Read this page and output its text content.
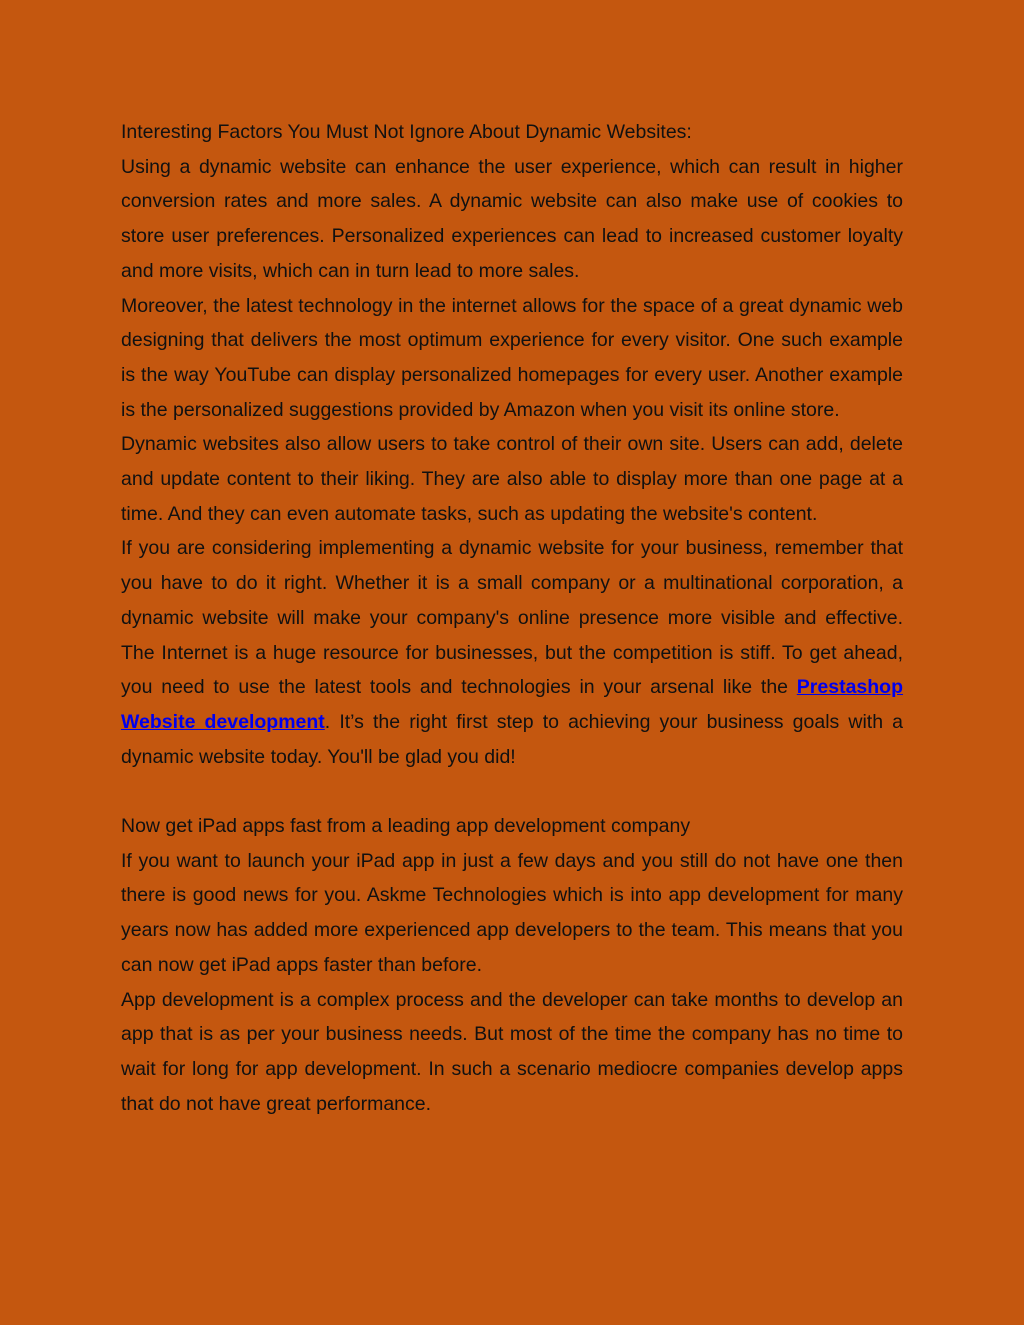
Interesting Factors You Must Not Ignore About Dynamic Websites:

Using a dynamic website can enhance the user experience, which can result in higher conversion rates and more sales. A dynamic website can also make use of cookies to store user preferences. Personalized experiences can lead to increased customer loyalty and more visits, which can in turn lead to more sales.

Moreover, the latest technology in the internet allows for the space of a great dynamic web designing that delivers the most optimum experience for every visitor. One such example is the way YouTube can display personalized homepages for every user. Another example is the personalized suggestions provided by Amazon when you visit its online store.

Dynamic websites also allow users to take control of their own site. Users can add, delete and update content to their liking. They are also able to display more than one page at a time. And they can even automate tasks, such as updating the website's content.

If you are considering implementing a dynamic website for your business, remember that you have to do it right. Whether it is a small company or a multinational corporation, a dynamic website will make your company's online presence more visible and effective. The Internet is a huge resource for businesses, but the competition is stiff. To get ahead, you need to use the latest tools and technologies in your arsenal like the Prestashop Website development. It’s the right first step to achieving your business goals with a dynamic website today. You'll be glad you did!

Now get iPad apps fast from a leading app development company

If you want to launch your iPad app in just a few days and you still do not have one then there is good news for you. Askme Technologies which is into app development for many years now has added more experienced app developers to the team. This means that you can now get iPad apps faster than before.

App development is a complex process and the developer can take months to develop an app that is as per your business needs. But most of the time the company has no time to wait for long for app development. In such a scenario mediocre companies develop apps that do not have great performance.
